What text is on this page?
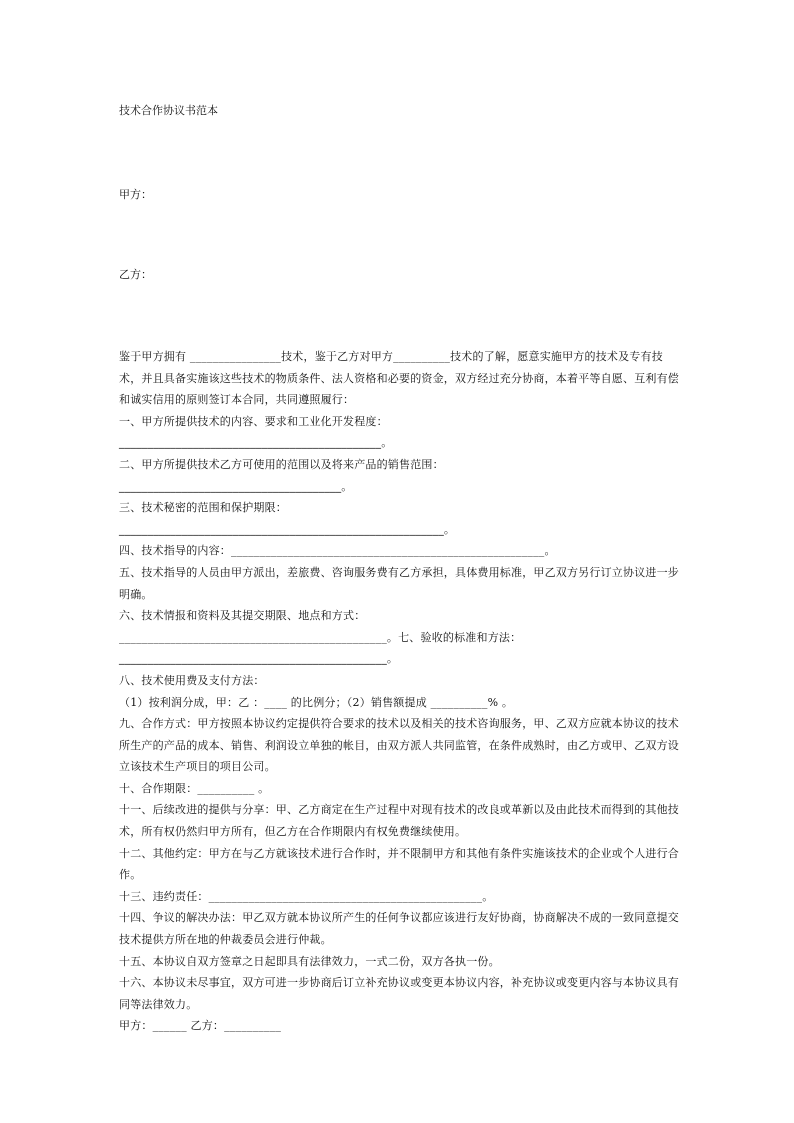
技术合作协议书范本
甲方：
乙方：

鉴于甲方拥有 ________________技术，鉴于乙方对甲方__________技术的了解，愿意实施甲方的技术及专有技术，并且具备实施该这些技术的物质条件、法人资格和必要的资金，双方经过充分协商，本着平等自愿、互利有偿和诚实信用的原则签订本合同，共同遵照履行：

一、甲方所提供技术的内容、要求和工业化开发程度：

______________________________________________。

二、甲方所提供技术乙方可使用的范围以及将来产品的销售范围：

_______________________________________。

三、技术秘密的范围和保护期限：

_________________________________________________________。

四、技术指导的内容：_______________________________________________________。

五、技术指导的人员由甲方派出，差旅费、咨询服务费有乙方承担，具体费用标准，甲乙双方另行订立协议进一步明确。

六、技术情报和资料及其提交期限、地点和方式：

_______________________________________________。七、验收的标准和方法：

_______________________________________________。

八、技术使用费及支付方法：

（1）按利润分成，甲：乙 ：____ 的比例分；（2）销售额提成 __________% 。

九、合作方式：甲方按照本协议约定提供符合要求的技术以及相关的技术咨询服务，甲、乙双方应就本协议的技术所生产的产品的成本、销售、利润设立单独的帐目，由双方派人共同监管，在条件成熟时，由乙方或甲、乙双方设立该技术生产项目的项目公司。

十、合作期限：__________ 。

十一、后续改进的提供与分享：甲、乙方商定在生产过程中对现有技术的改良或革新以及由此技术而得到的其他技术，所有权仍然归甲方所有，但乙方在合作期限内有权免费继续使用。

十二、其他约定：甲方在与乙方就该技术进行合作时，并不限制甲方和其他有条件实施该技术的企业或个人进行合作。

十三、违约责任：________________________________________________。

十四、争议的解决办法：甲乙双方就本协议所产生的任何争议都应该进行友好协商，协商解决不成的一致同意提交技术提供方所在地的仲裁委员会进行仲裁。

十五、本协议自双方签章之日起即具有法律效力，一式二份，双方各执一份。

十六、本协议未尽事宜，双方可进一步协商后订立补充协议或变更本协议内容，补充协议或变更内容与本协议具有同等法律效力。

甲方：______ 乙方：__________
